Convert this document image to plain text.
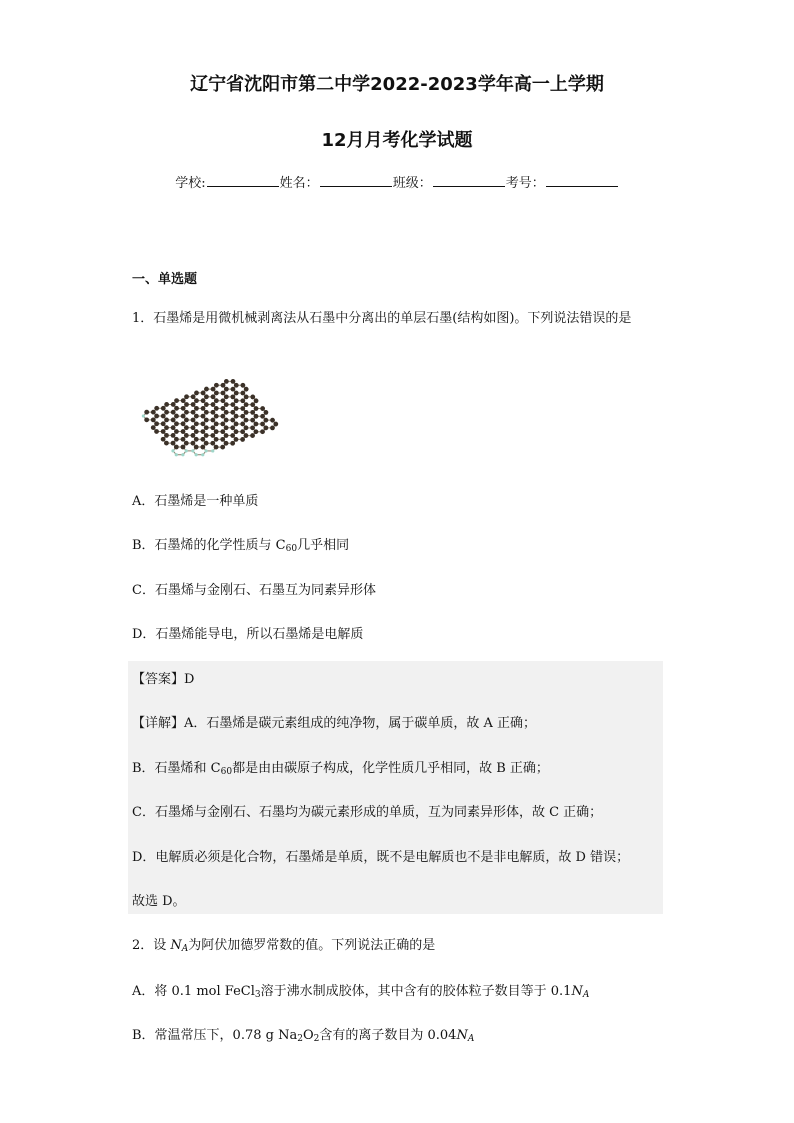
辽宁省沈阳市第二中学2022-2023学年高一上学期
12月月考化学试题
学校:	姓名：	班级：	考号：
一、单选题
1．石墨烯是用微机械剥离法从石墨中分离出的单层石墨(结构如图)。下列说法错误的是
A．石墨烯是一种单质
B．石墨烯的化学性质与 $C_{60}$几乎相同
C．石墨烯与金刚石、石墨互为同素异形体
D．石墨烯能导电，所以石墨烯是电解质
【答案】D
【详解】A．石墨烯是碳元素组成的纯净物，属于碳单质，故 A 正确；
B．石墨烯和 $C_{60}$都是由由碳原子构成，化学性质几乎相同，故 B 正确；
C．石墨烯与金刚石、石墨均为碳元素形成的单质，互为同素异形体，故 C 正确；
D．电解质必须是化合物，石墨烯是单质，既不是电解质也不是非电解质，故 D 错误；
故选 D。
2．设 $N_A$为阿伏加德罗常数的值。下列说法正确的是
A．将 0.1 mol FeCl$_3$溶于沸水制成胶体，其中含有的胶体粒子数目等于 $0.1N_A$
B．常温常压下，0.78 g $Na_2O_2$含有的离子数目为 $0.04N_A$
